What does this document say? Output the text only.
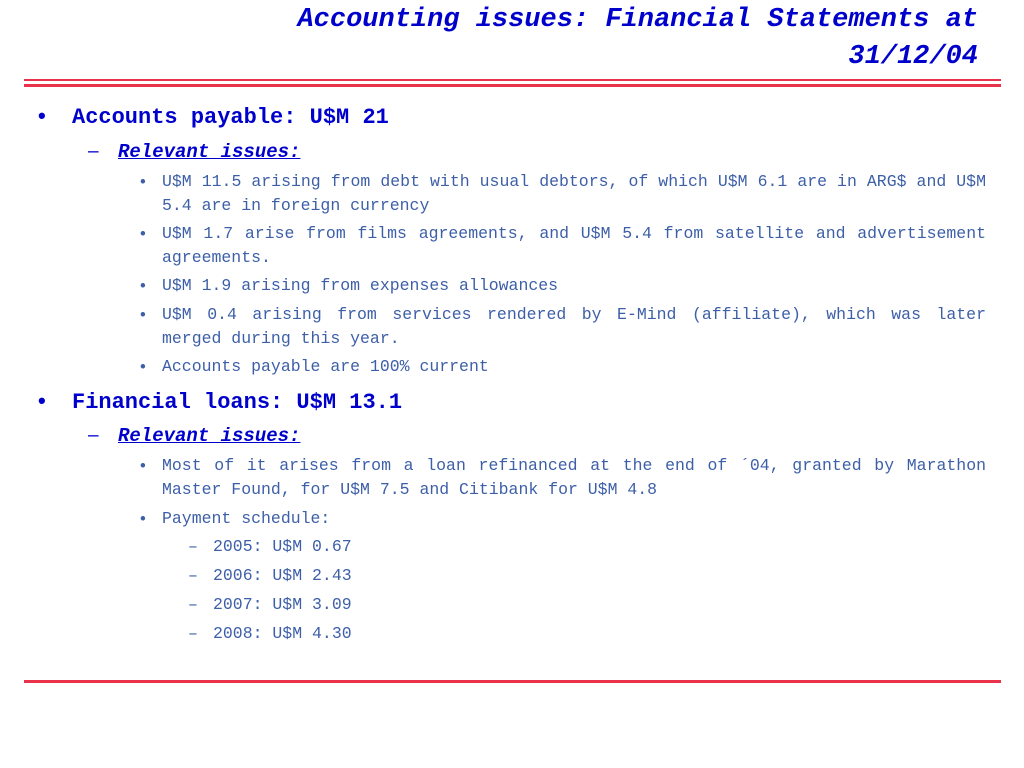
Accounting issues: Financial Statements at 31/12/04
• Accounts payable: U$M 21
– Relevant issues:
• U$M 11.5 arising from debt with usual debtors, of which U$M 6.1 are in ARG$ and U$M 5.4 are in foreign currency
• U$M 1.7 arise from films agreements, and U$M 5.4 from satellite and advertisement agreements.
• U$M 1.9 arising from expenses allowances
• U$M 0.4 arising from services rendered by E-Mind (affiliate), which was later merged during this year.
• Accounts payable are 100% current
• Financial loans: U$M 13.1
– Relevant issues:
• Most of it arises from a loan refinanced at the end of ´04, granted by Marathon Master Found, for U$M 7.5 and Citibank for U$M 4.8
• Payment schedule:
– 2005: U$M 0.67
– 2006: U$M 2.43
– 2007: U$M 3.09
– 2008: U$M 4.30
